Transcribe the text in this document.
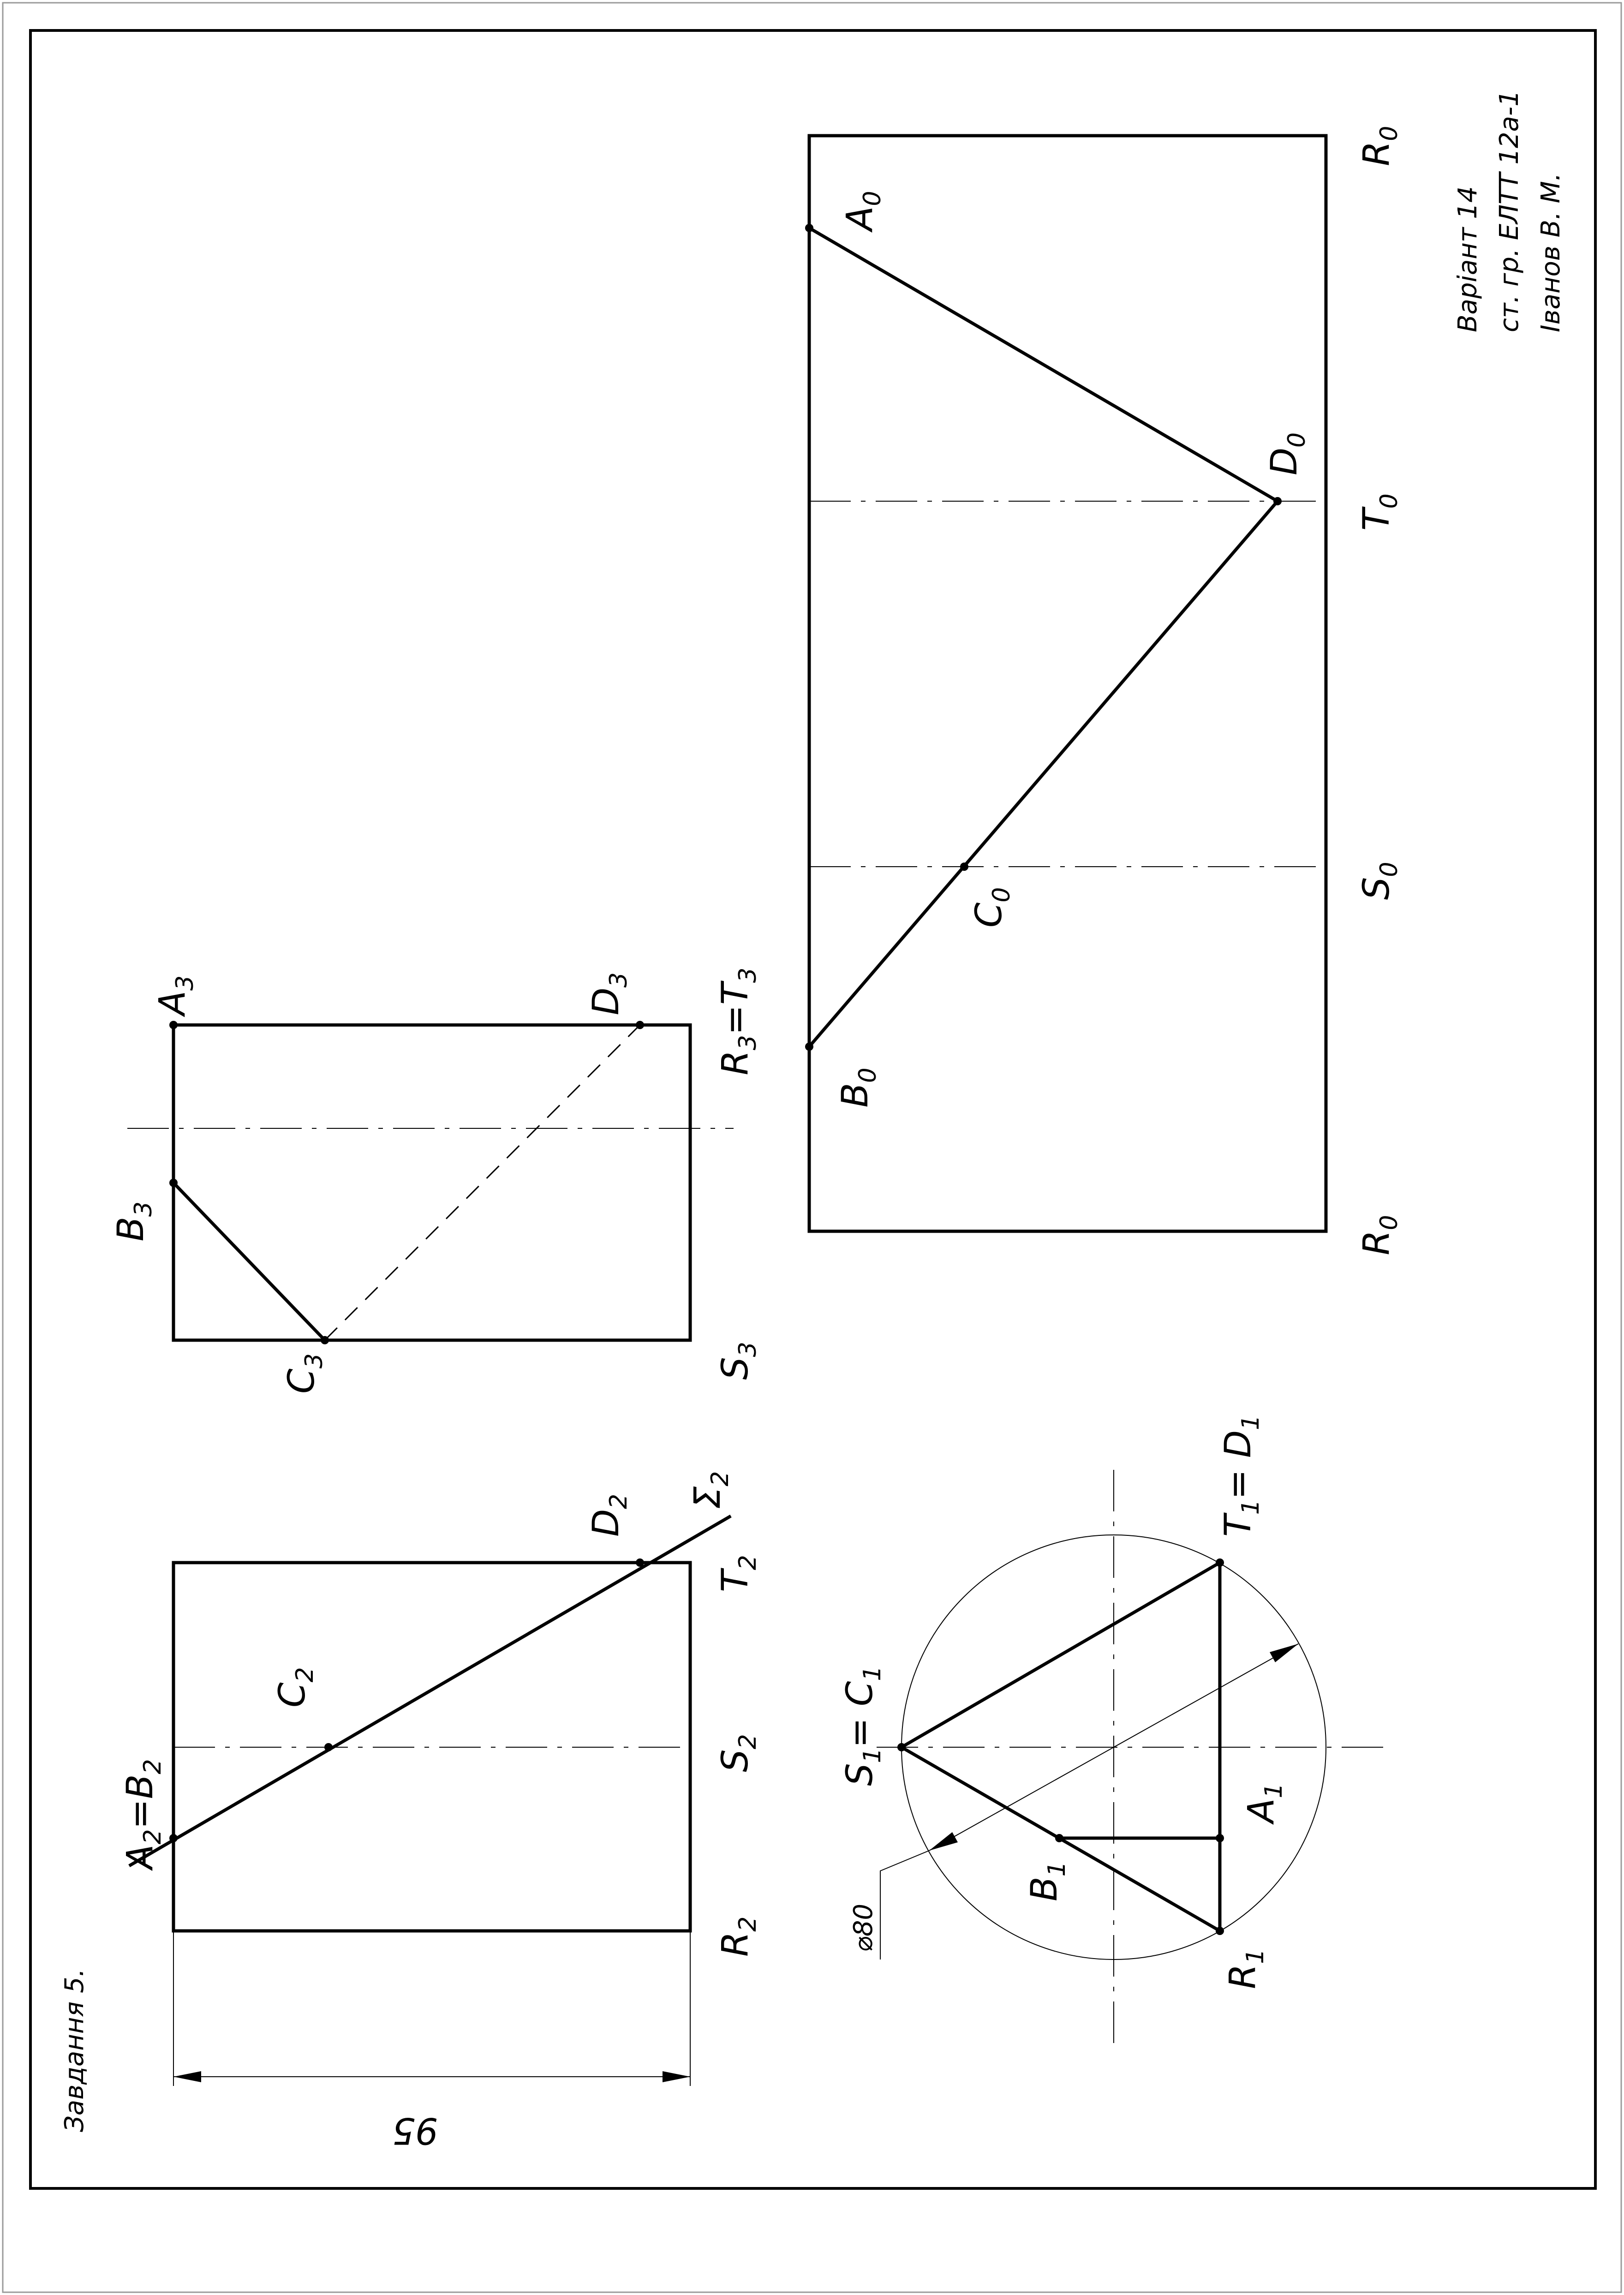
$A_2=B_2$
$C_2$
$D_2$ $\Sigma_2$
$R_2$
$S_2$
$T_2$
95
Завдання 5.
$A_3$
$B_3$
$C_3$
$D_3$
$S_3$
$R_3=T_3$
$S_1= C_1$
$T_1= D_1$
$A_1$
$B_1$
$R_1$
⌀80
$A_0$
$D_0$
$C_0$
$B_0$
$R_0$
$T_0$
$S_0$
$R_0$
Варіант 14 ст. гр. ЕЛТТ 12а-1 Іванов В. М.
